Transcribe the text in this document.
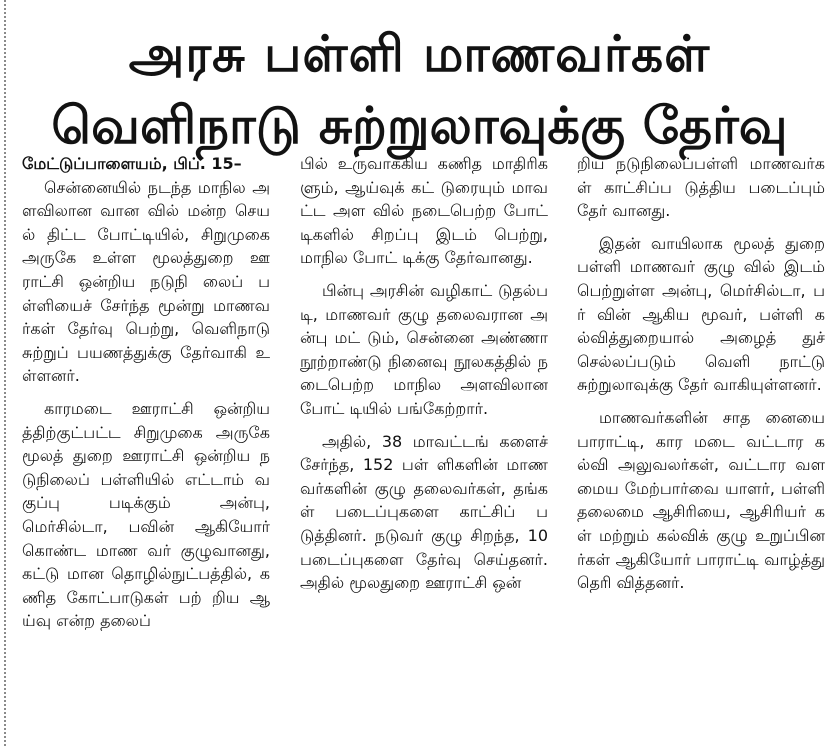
அரசு பள்ளி மாணவர்கள்
வெளிநாடு சுற்றுலாவுக்கு தேர்வு

மேட்டுப்பாளையம், பிப். 15–

சென்னையில் நடந்த மாநில அளவிலான வான வில் மன்ற செயல் திட்ட போட்டியில், சிறுமுகை அருகே உள்ள மூலத்துறை ஊராட்சி ஒன்றிய நடுநி லைப் பள்ளியைச் சேர்ந்த மூன்று மாணவர்கள் தேர்வு பெற்று, வெளிநாடு சுற்றுப் பயணத்துக்கு தேர்வாகி உள்ளனர்.

காரமடை ஊராட்சி ஒன்றியத்திற்குட்பட்ட சிறுமுகை அருகே மூலத் துறை ஊராட்சி ஒன்றிய நடுநிலைப் பள்ளியில் எட்டாம் வகுப்பு படிக்கும் அன்பு, மெர்சில்டா, பவின் ஆகியோர் கொண்ட மாண வர் குழுவானது, கட்டு மான தொழில்நுட்பத்தில், கணித கோட்பாடுகள் பற் றிய ஆய்வு என்ற தலைப்

பில் உருவாக்கிய கணித மாதிரிகளும், ஆய்வுக் கட் டுரையும் மாவட்ட அள வில் நடைபெற்ற போட் டிகளில் சிறப்பு இடம் பெற்று, மாநில போட் டிக்கு தேர்வானது.

பின்பு அரசின் வழிகாட் டுதல்படி, மாணவர் குழு தலைவரான அன்பு மட் டும், சென்னை அண்ணா நூற்றாண்டு நினைவு நூலகத்தில் நடைபெற்ற மாநில அளவிலான போட் டியில் பங்கேற்றார்.

அதில், 38 மாவட்டங் களைச் சேர்ந்த, 152 பள் ளிகளின் மாணவர்களின் குழு தலைவர்கள், தங்கள் படைப்புகளை காட்சிப் படுத்தினர். நடுவர் குழு சிறந்த, 10 படைப்புகளை தேர்வு செய்தனர். அதில் மூலதுறை ஊராட்சி ஒன்

றிய நடுநிலைப்பள்ளி மாணவர்கள் காட்சிப்ப டுத்திய படைப்பும் தேர் வானது.

இதன் வாயிலாக மூலத் துறை பள்ளி மாணவர் குழு வில் இடம் பெற்றுள்ள அன்பு, மெர்சில்டா, பர் வின் ஆகிய மூவர், பள்ளி கல்வித்துறையால் அழைத் துச் செல்லப்படும் வெளி நாட்டு சுற்றுலாவுக்கு தேர் வாகியுள்ளனர்.

மாணவர்களின் சாத னையை பாராட்டி, கார மடை வட்டார கல்வி அலுவலர்கள், வட்டார வளமைய மேற்பார்வை யாளர், பள்ளி தலைமை ஆசிரியை, ஆசிரியர் கள் மற்றும் கல்விக் குழு உறுப்பினர்கள் ஆகியோர் பாராட்டி வாழ்த்து தெரி வித்தனர்.
